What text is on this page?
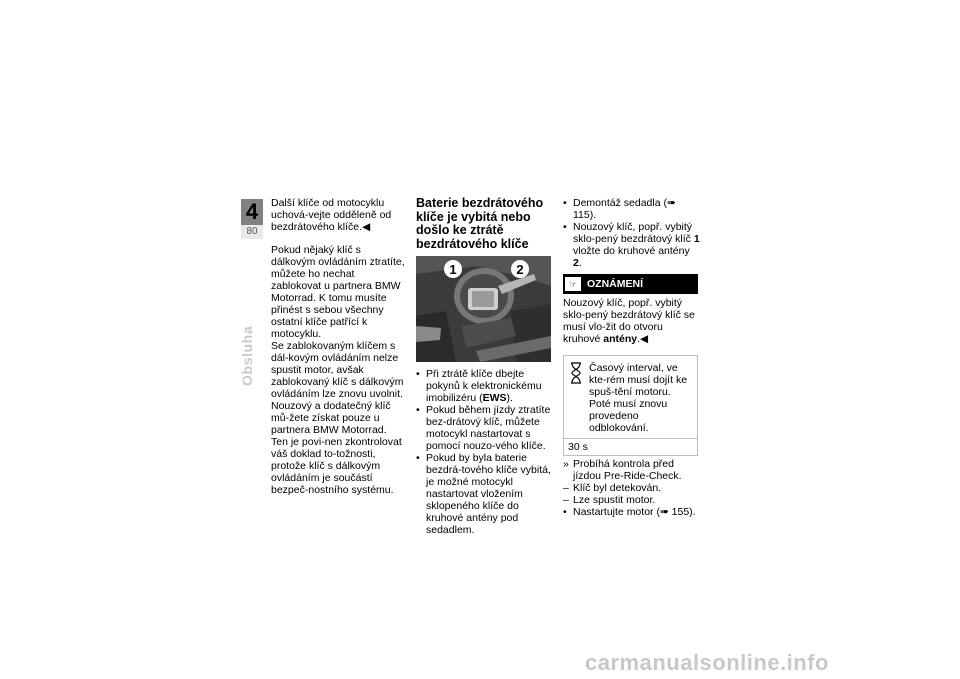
4
80
Obsluha

Další klíče od motocyklu uchová-vejte odděleně od bezdrátového klíče.◀

Pokud nějaký klíč s dálkovým ovládáním ztratíte, můžete ho nechat zablokovat u partnera BMW Motorrad. K tomu musíte přinést s sebou všechny ostatní klíče patřící k motocyklu.

Se zablokovaným klíčem s dál-kovým ovládáním nelze spustit motor, avšak zablokovaný klíč s dálkovým ovládáním lze znovu uvolnit.

Nouzový a dodatečný klíč mů-žete získat pouze u partnera BMW Motorrad. Ten je povi-nen zkontrolovat váš doklad to-tožnosti, protože klíč s dálkovým ovládáním je součástí bezpeč-nostního systému.

Baterie bezdrátového klíče je vybitá nebo došlo ke ztrátě bezdrátového klíče
1	2
• Při ztrátě klíče dbejte pokynů k elektronickému imobilizéru (EWS).
• Pokud během jízdy ztratíte bez-drátový klíč, můžete motocykl nastartovat s pomocí nouzo-vého klíče.
• Pokud by byla baterie bezdrá-tového klíče vybitá, je možné motocykl nastartovat vložením sklopeného klíče do kruhové antény pod sedadlem.
• Demontáž sedadla (➠ 115).
• Nouzový klíč, popř. vybitý sklo-pený bezdrátový klíč 1 vložte do kruhové antény 2.
☞ OZNÁMENÍ

Nouzový klíč, popř. vybitý sklo-pený bezdrátový klíč se musí vlo-žit do otvoru kruhové antény.◀

Časový interval, ve kte-rém musí dojít ke spuš-tění motoru. Poté musí znovu provedeno odblokování.
30 s
» Probíhá kontrola před jízdou Pre-Ride-Check.
– Klíč byl detekován.
– Lze spustit motor.
• Nastartujte motor (➠ 155).
carmanualsonline.info
